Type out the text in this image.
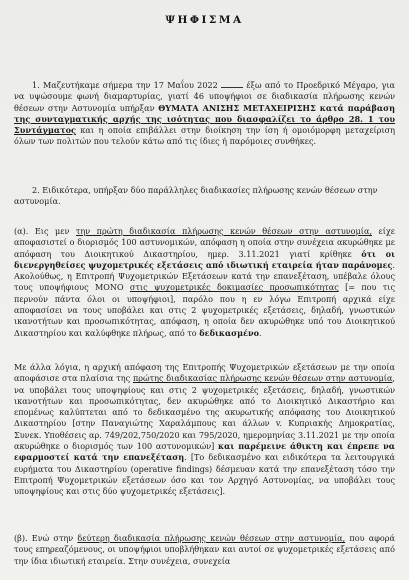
ΨΗΦΙΣΜΑ

1. Μαζευτήκαμε σήμερα την 17 Μαΐου 2022	έξω από το Προεδρικό Μέγαρο, για να υψώσουμε φωνή διαμαρτυρίας, γιατί 46 υποψήφιοι σε διαδικασία πλήρωσης κενών θέσεων στην Αστυνομία υπήρξαν ΘΥΜΑΤΑ ΑΝΙΣΗΣ ΜΕΤΑΧΕΙΡΙΣΗΣ κατά παράβαση της συνταγματικής αρχής της ισότητας που διασφαλίζει το άρθρο 28. 1 του Συντάγματος και η οποία επιβάλλει στην διοίκηση την ίση ή ομοιόμορφη μεταχείριση όλων των πολιτών που τελούν κάτω από τις ίδιες ή παρόμοιες συνθήκες.

2. Ειδικότερα, υπήρξαν δύο παράλληλες διαδικασίες πλήρωσης κενών θέσεων στην αστυνομία.

(α). Εις μεν την πρώτη διαδικασία πλήρωσης κενών θέσεων στην αστυνομία, είχε αποφασιστεί ο διορισμός 100 αστυνομικών, απόφαση η οποία στην συνέχεια ακυρώθηκε με απόφαση του Διοικητικού Δικαστηρίου, ημερ. 3.11.2021 γιατί κρίθηκε ότι οι διενεργηθείσες ψυχομετρικές εξετάσεις από ιδιωτική εταιρεία ήταν παράνομες. Ακολούθως, η Επιτροπή Ψυχομετρικών Εξετάσεων κατά την επανεξέταση, υπέβαλε όλους τους υποψήφιους ΜΟΝΟ στις ψυχομετρικές δοκιμασίες προσωπικότητας [= που τις περνούν πάντα όλοι οι υποψήφιοι], παρόλο που η εν λόγω Επιτροπή αρχικά είχε αποφασίσει να τους υποβάλει και στις 2 ψυχομετρικές εξετάσεις, δηλαδή, γνωστικών ικανοτήτων και προσωπικότητας, απόφαση, η οποία δεν ακυρώθηκε υπό του Διοικητικού Δικαστηρίου και καλύφθηκε πλήρως, από το δεδικασμένο.

Με άλλα λόγια, η αρχική απόφαση της Επιτροπής Ψυχομετρικών εξετάσεων με την οποία αποφάσισε στα πλαίσια της πρώτης διαδικασίας πλήρωσης κενών θέσεων στην αστυνομία, να υποβάλει τους υποψηφίους και στις 2 ψυχομετρικές εξετάσεις, δηλαδή, γνωστικών ικανοτήτων και προσωπικότητας, δεν ακυρώθηκε από το Διοικητικό Δικαστήριο και επομένως καλύπτεται από το δεδικασμένο της ακυρωτικής απόφασης του Διοικητικού Δικαστηρίου [στην Παναγιώτης Χαραλάμπους και άλλων v. Κυπριακής Δημοκρατίας, Συνεκ. Υποθέσεις αρ. 749/202,750/2020 και 795/2020, ημερομηνίας 3.11.2021 με την οποία ακυρώθηκε ο διορισμός των 100 αστυνομικών] και παρέμεινε άθικτη και έπρεπε να εφαρμοστεί κατά την επανεξέταση. [Το δεδικασμένο και ειδικότερα τα λειτουργικά ευρήματα του Δικαστηρίου (operative findings) δέσμευαν κατά την επανεξέταση τόσο την Επιτροπή Ψυχομετρικών εξετάσεων όσο και τον Αρχηγό Αστυνομίας, να υποβάλει τους υποψηφίους και στις δύο ψυχομετρικές εξετάσεις].

(β). Ενώ στην δεύτερη διαδικασία πλήρωσης κενών θέσεων στην αστυνομία, που αφορά τους επηρεαζόμενους, οι υποψήφιοι υποβλήθηκαν και αυτοί σε ψυχομετρικές εξετάσεις από την ίδια ιδιωτική εταιρεία. Στην συνέχεια, συνεχεία
